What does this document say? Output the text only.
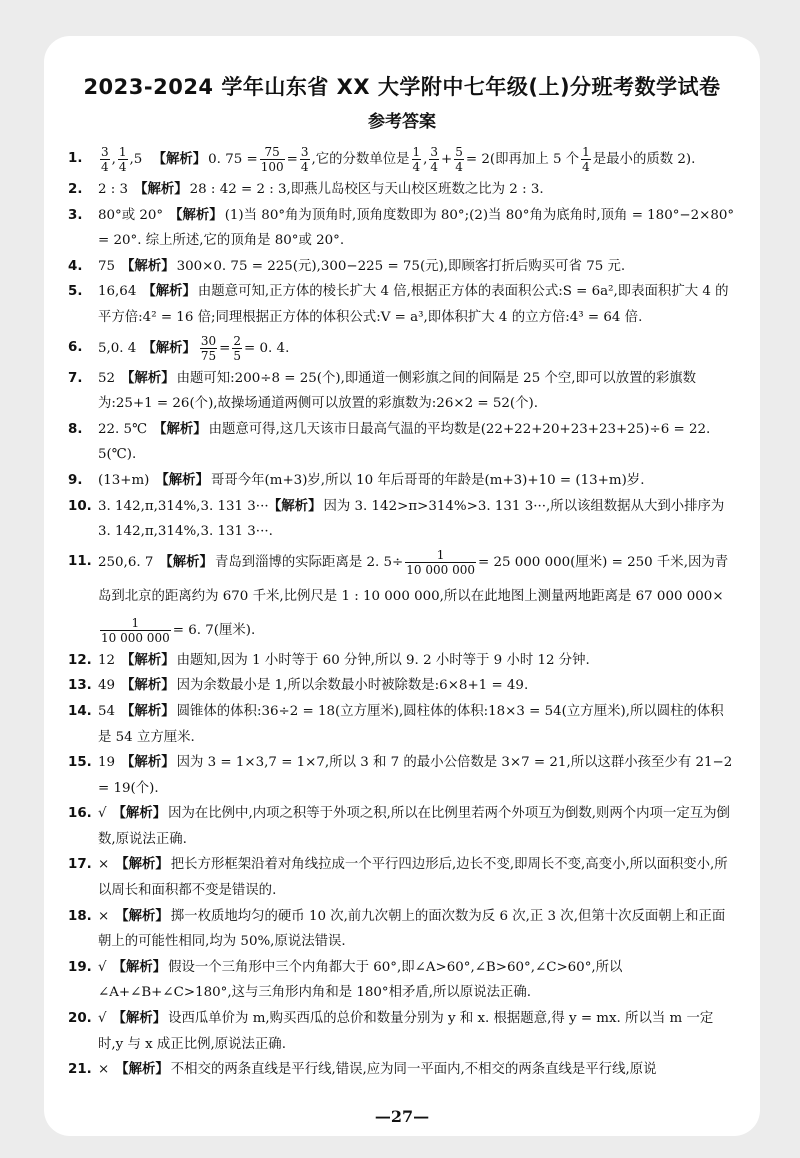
2023-2024 学年山东省 XX 大学附中七年级(上)分班考数学试卷
参考答案
1.	$\frac{3}{4}$ , $\frac{1}{4} ,5$ 【解析】 0. $75 = \frac{75}{100} = \frac{3}{4}$ ,它的分数单位是 $\frac{1}{4}$ , $\frac{3}{4} + \frac{5}{4} = 2$(即再加上 5 个 $\frac{1}{4}$ 是最小的质数 2).
2.	2 : 3 【解析】 28 : 42 = 2 : 3,即燕儿岛校区与天山校区班数之比为 2 : 3.
3.	80°或 20° 【解析】 (1)当 80°角为顶角时,顶角度数即为 80°;(2)当 80°角为底角时,顶角 = 180°−2×80° = 20°. 综上所述,它的顶角是 80°或 20°.
4.	75 【解析】 300×0. 75 = 225(元),300−225 = 75(元),即顾客打折后购买可省 75 元.
5.	16,64 【解析】 由题意可知,正方体的棱长扩大 4 倍,根据正方体的表面积公式:S = 6a²,即表面积扩大 4 的平方倍:4² = 16 倍;同理根据正方体的体积公式:V = a³,即体积扩大 4 的立方倍:4³ = 64 倍.
6.	5,0. 4 【解析】 $\frac{30}{75} = \frac{2}{5} = 0$. 4.
7.	52 【解析】 由题可知:200÷8 = 25(个),即通道一侧彩旗之间的间隔是 25 个空,即可以放置的彩旗数为:25+1 = 26(个),故操场通道两侧可以放置的彩旗数为:26×2 = 52(个).
8.	22. 5℃ 【解析】 由题意可得,这几天该市日最高气温的平均数是(22+22+20+23+23+25)÷6 = 22. 5(℃).
9.	(13+m) 【解析】 哥哥今年(m+3)岁,所以 10 年后哥哥的年龄是(m+3)+10 = (13+m)岁.
10. 3. 142,π,314%,3. 131 3··· 【解析】 因为 3. 142>π>314%>3. 131 3···,所以该组数据从大到小排序为 3. 142,π,314%,3. 131 3···.
11. 250,6. 7 【解析】 青岛到淄博的实际距离是 2. $5\div \frac{1}{10 000 000} = 25$ 000 000(厘米) = 250 千米,因为青岛到北京的距离约为 670 千米,比例尺是 1 : 10 000 000,所以在此地图上测量两地距离是 67 000 000×
$\frac{1}{10 000 000} = 6$. 7(厘米).
12. 12 【解析】 由题知,因为 1 小时等于 60 分钟,所以 9. 2 小时等于 9 小时 12 分钟.
13. 49 【解析】 因为余数最小是 1,所以余数最小时被除数是:6×8+1 = 49.
14. 54 【解析】 圆锥体的体积:36÷2 = 18(立方厘米),圆柱体的体积:18×3 = 54(立方厘米),所以圆柱的体积是 54 立方厘米.
15. 19 【解析】 因为 3 = 1×3,7 = 1×7,所以 3 和 7 的最小公倍数是 3×7 = 21,所以这群小孩至少有 21−2 = 19(个).
16. √ 【解析】 因为在比例中,内项之积等于外项之积,所以在比例里若两个外项互为倒数,则两个内项一定互为倒数,原说法正确.
17. × 【解析】 把长方形框架沿着对角线拉成一个平行四边形后,边长不变,即周长不变,高变小,所以面积变小,所以周长和面积都不变是错误的.
18. × 【解析】 掷一枚质地均匀的硬币 10 次,前九次朝上的面次数为反 6 次,正 3 次,但第十次反面朝上和正面朝上的可能性相同,均为 50%,原说法错误.
19. √ 【解析】 假设一个三角形中三个内角都大于 60°,即∠A>60°,∠B>60°,∠C>60°,所以∠A+∠B+∠C>180°,这与三角形内角和是 180°相矛盾,所以原说法正确.
20. √ 【解析】 设西瓜单价为 m,购买西瓜的总价和数量分别为 y 和 x. 根据题意,得 y = mx. 所以当 m 一定时,y 与 x 成正比例,原说法正确.
21. × 【解析】 不相交的两条直线是平行线,错误,应为同一平面内,不相交的两条直线是平行线,原说
—27—
